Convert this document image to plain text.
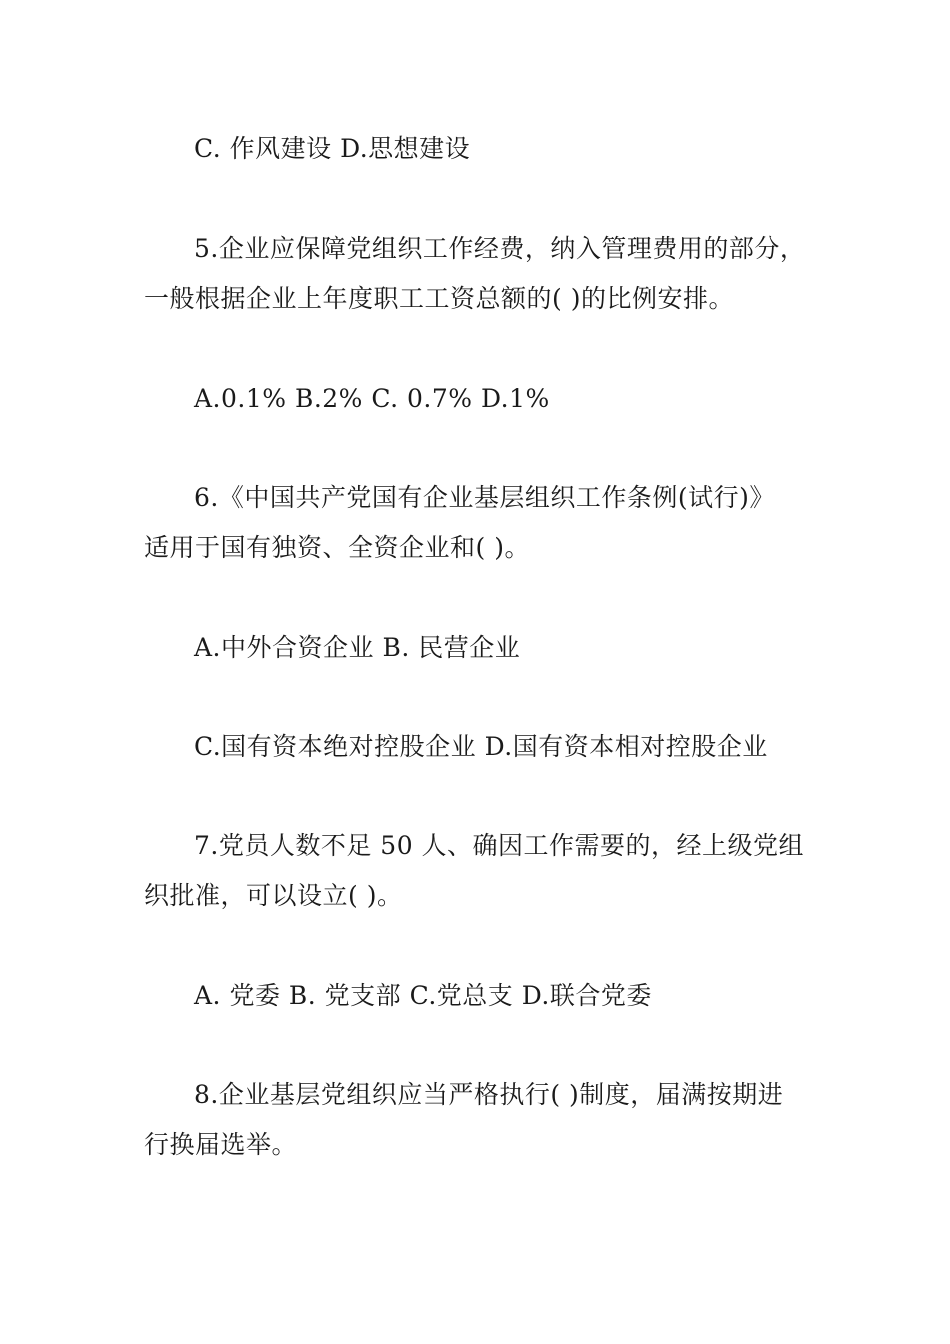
C. 作风建设 D.思想建设
5.企业应保障党组织工作经费，纳入管理费用的部分，
一般根据企业上年度职工工资总额的( )的比例安排。
A.0.1% B.2% C. 0.7% D.1%
6.《中国共产党国有企业基层组织工作条例(试行)》
适用于国有独资、全资企业和( )。
A.中外合资企业 B. 民营企业
C.国有资本绝对控股企业 D.国有资本相对控股企业
7.党员人数不足 50 人、确因工作需要的，经上级党组
织批准，可以设立( )。
A. 党委 B. 党支部 C.党总支 D.联合党委
8.企业基层党组织应当严格执行( )制度，届满按期进
行换届选举。
